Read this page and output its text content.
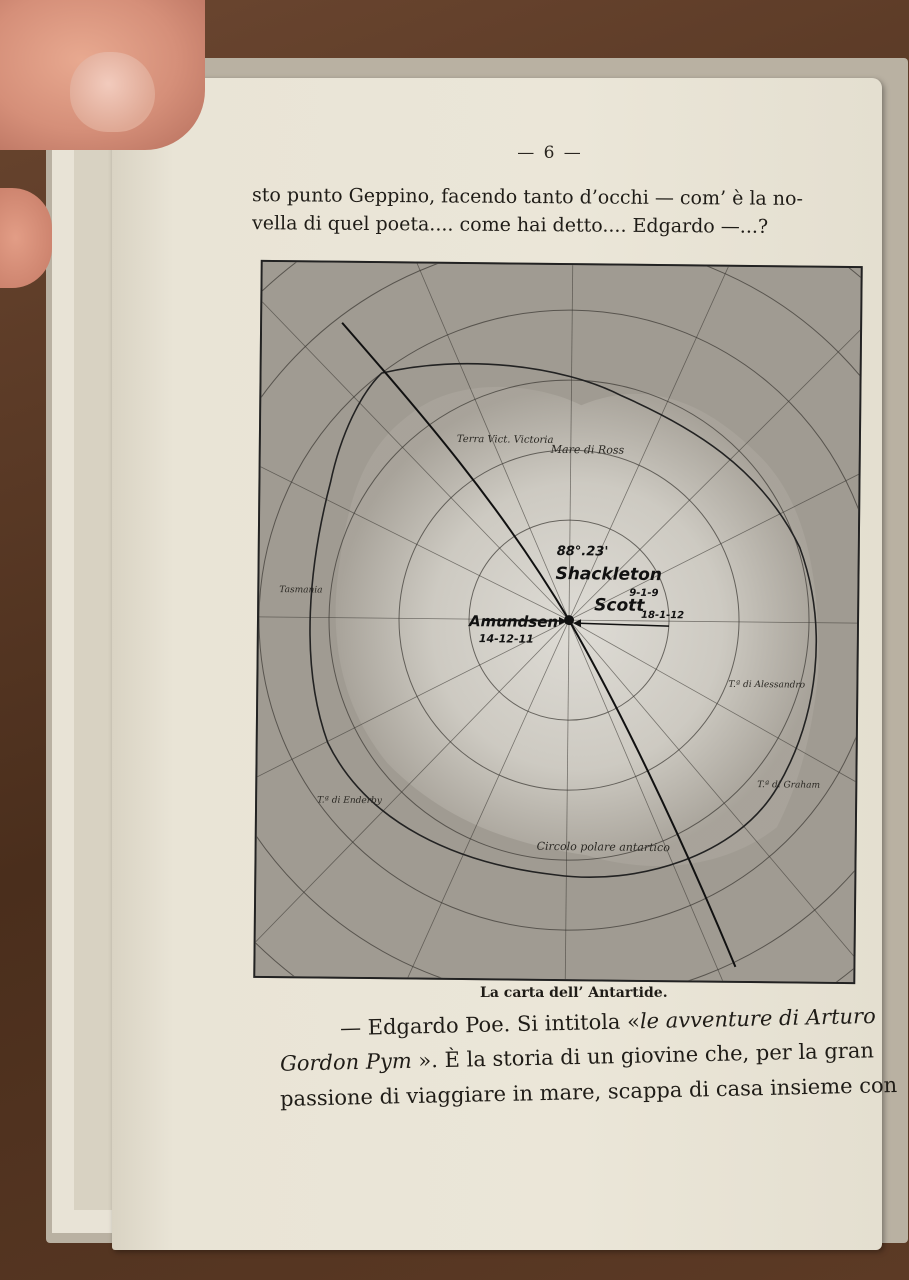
— 6 —
sto punto Geppino, facendo tanto d’occhi — com’ è la no-
vella di quel poeta.... come hai detto.... Edgardo —...?
88°.23'
Shackleton
9-1-9
Scott
18-1-12
Amundsen
14-12-11
Terra Vict. Victoria
Mare di Ross
Circolo polare antartico
T.ª di Enderby
T.ª di Alessandro
T.ª di Graham
Tasmania
La carta dell’ Antartide.
— Edgardo Poe. Si intitola «le avventure di Arturo
Gordon Pym ». È la storia di un giovine che, per la gran
passione di viaggiare in mare, scappa di casa insieme con
